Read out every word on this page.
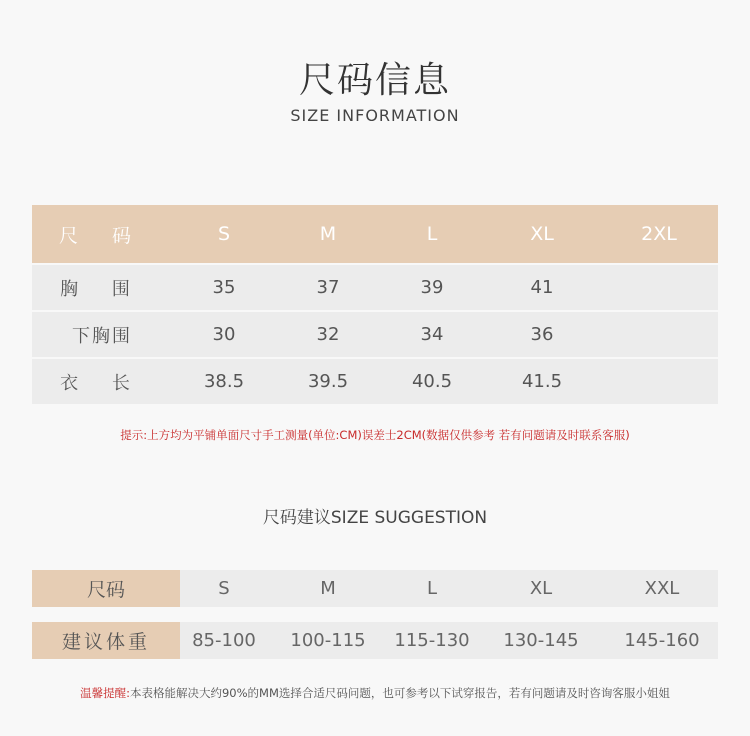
尺码信息
SIZE INFORMATION
尺 码	S	M	L	XL	2XL
胸 围	35	37	39	41
下胸围	30	32	34	36
衣 长	38.5	39.5	40.5	41.5
提示:上方均为平铺单面尺寸手工测量(单位:CM)误差士2CM(数据仅供参考 若有问题请及时联系客服)
尺码建议SIZE SUGGESTION
尺码	S	M	L	XL	XXL
建议体重	85-100	100-115	115-130	130-145	145-160
温馨提醒:本表格能解决大约90%的MM选择合适尺码问题，也可参考以下试穿报告，若有问题请及时咨询客服小姐姐
